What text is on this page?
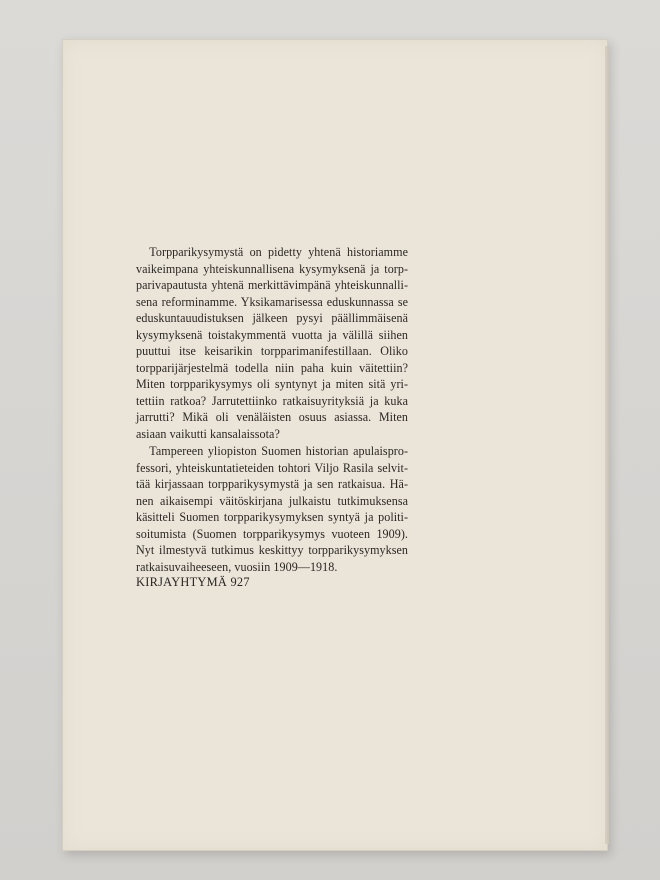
Torpparikysymystä on pidetty yhtenä historiamme vaikeimpana yhteiskunnallisena kysymyksenä ja torpparivapautusta yhtenä merkittävimpänä yhteiskunnallisena reforminamme. Yksikamarisessa eduskunnassa se eduskuntauudistuksen jälkeen pysyi päällimmäisenä kysymyksenä toistakymmentä vuotta ja välillä siihen puuttui itse keisarikin torpparimanifestillaan. Oliko torpparijärjestelmä todella niin paha kuin väitettiin? Miten torpparikysymys oli syntynyt ja miten sitä yritettiin ratkoa? Jarrutettiinko ratkaisuyrityksiä ja kuka jarrutti? Mikä oli venäläisten osuus asiassa. Miten asiaan vaikutti kansalaissota?

Tampereen yliopiston Suomen historian apulaisprofessori, yhteiskuntatieteiden tohtori Viljo Rasila selvittää kirjassaan torpparikysymystä ja sen ratkaisua. Hänen aikaisempi väitöskirjana julkaistu tutkimuksensa käsitteli Suomen torpparikysymyksen syntyä ja politisoitumista (Suomen torpparikysymys vuoteen 1909). Nyt ilmestyvä tutkimus keskittyy torpparikysymyksen ratkaisuvaiheeseen, vuosiin 1909—1918.

KIRJAYHTYMÄ 927
